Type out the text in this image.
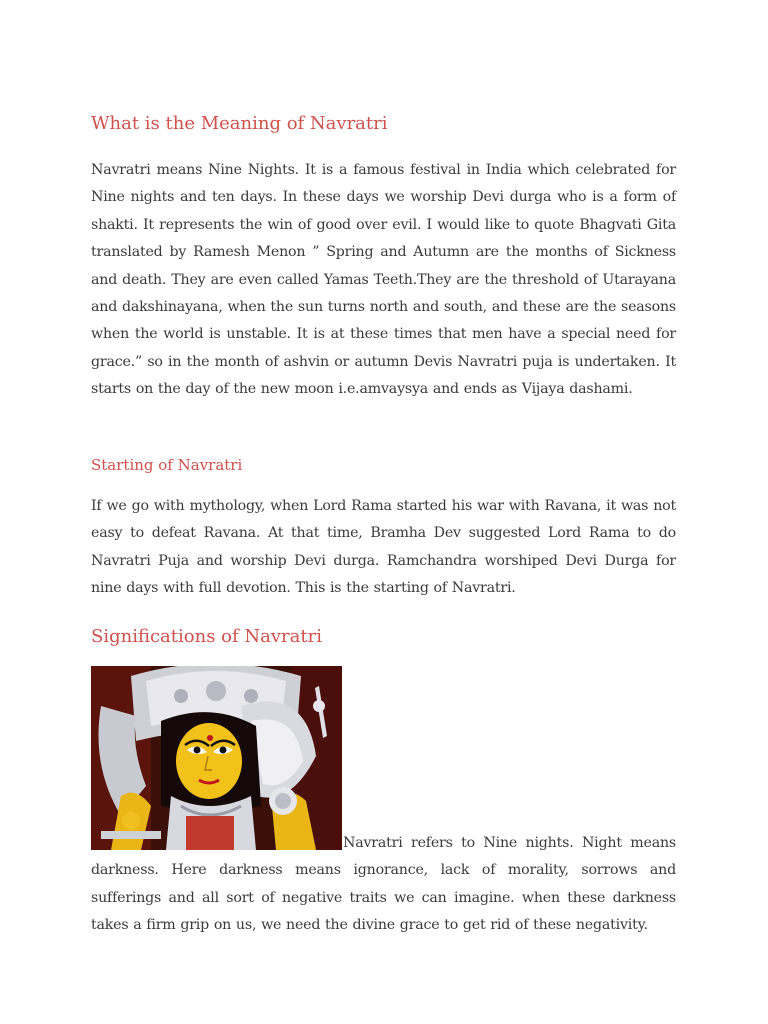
What is the Meaning of Navratri

Navratri means Nine Nights. It is a famous festival in India which celebrated for Nine nights and ten days. In these days we worship Devi durga who is a form of shakti. It represents the win of good over evil. I would like to quote Bhagvati Gita translated by Ramesh Menon ” Spring and Autumn are the months of Sickness and death. They are even called Yamas Teeth.They are the threshold of Utarayana and dakshinayana, when the sun turns north and south, and these are the seasons when the world is unstable. It is at these times that men have a special need for grace.” so in the month of ashvin or autumn Devis Navratri puja is undertaken. It starts on the day of the new moon i.e.amvaysya and ends as Vijaya dashami.

Starting of Navratri

If we go with mythology, when Lord Rama started his war with Ravana, it was not easy to defeat Ravana. At that time, Bramha Dev suggested Lord Rama to do Navratri Puja and worship Devi durga. Ramchandra worshiped Devi Durga for nine days with full devotion. This is the starting of Navratri.

Significations of Navratri

Navratri refers to Nine nights. Night means darkness. Here darkness means ignorance, lack of morality, sorrows and sufferings and all sort of negative traits we can imagine. when these darkness takes a firm grip on us, we need the divine grace to get rid of these negativity.
